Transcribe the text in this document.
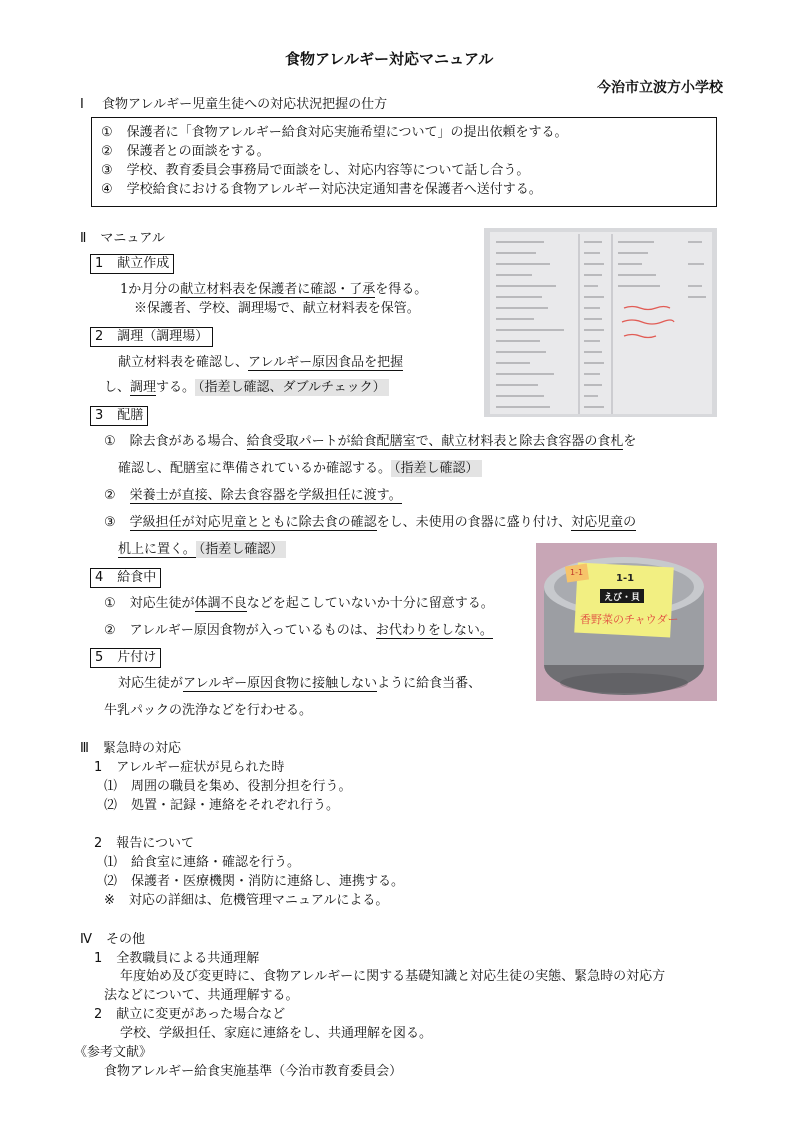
食物アレルギー対応マニュアル
今治市立波方小学校
Ⅰ 食物アレルギー児童生徒への対応状況把握の仕方
① 保護者に「食物アレルギー給食対応実施希望について」の提出依頼をする。
② 保護者との面談をする。
③ 学校、教育委員会事務局で面談をし、対応内容等について話し合う。
④ 学校給食における食物アレルギー対応決定通知書を保護者へ送付する。
Ⅱ マニュアル
1 献立作成
1か月分の献立材料表を保護者に確認・了承を得る。
※保護者、学校、調理場で、献立材料表を保管。
2 調理（調理場）
献立材料表を確認し、アレルギー原因食品を把握
し、調理する。 （指差し確認、ダブルチェック）
3 配膳
① 除去食がある場合、給食受取パートが給食配膳室で、献立材料表と除去食容器の食札を
確認し、配膳室に準備されているか確認する。 （指差し確認）
② 栄養士が直接、除去食容器を学級担任に渡す。
③ 学級担任が対応児童とともに除去食の確認をし、未使用の食器に盛り付け、対応児童の
机上に置く。 （指差し確認）
4 給食中
① 対応生徒が体調不良などを起こしていないか十分に留意する。
② アレルギー原因食物が入っているものは、お代わりをしない。
5 片付け
対応生徒がアレルギー原因食物に接触しないように給食当番、
牛乳パックの洗浄などを行わせる。
1-1
えび・貝
香野菜のチャウダー
1-1
Ⅲ 緊急時の対応
1 アレルギー症状が見られた時
⑴ 周囲の職員を集め、役割分担を行う。
⑵ 処置・記録・連絡をそれぞれ行う。
2 報告について
⑴ 給食室に連絡・確認を行う。
⑵ 保護者・医療機関・消防に連絡し、連携する。
※ 対応の詳細は、危機管理マニュアルによる。
Ⅳ その他
1 全教職員による共通理解
年度始め及び変更時に、食物アレルギーに関する基礎知識と対応生徒の実態、緊急時の対応方
法などについて、共通理解する。
2 献立に変更があった場合など
学校、学級担任、家庭に連絡をし、共通理解を図る。
《参考文献》
食物アレルギー給食実施基準（今治市教育委員会）
